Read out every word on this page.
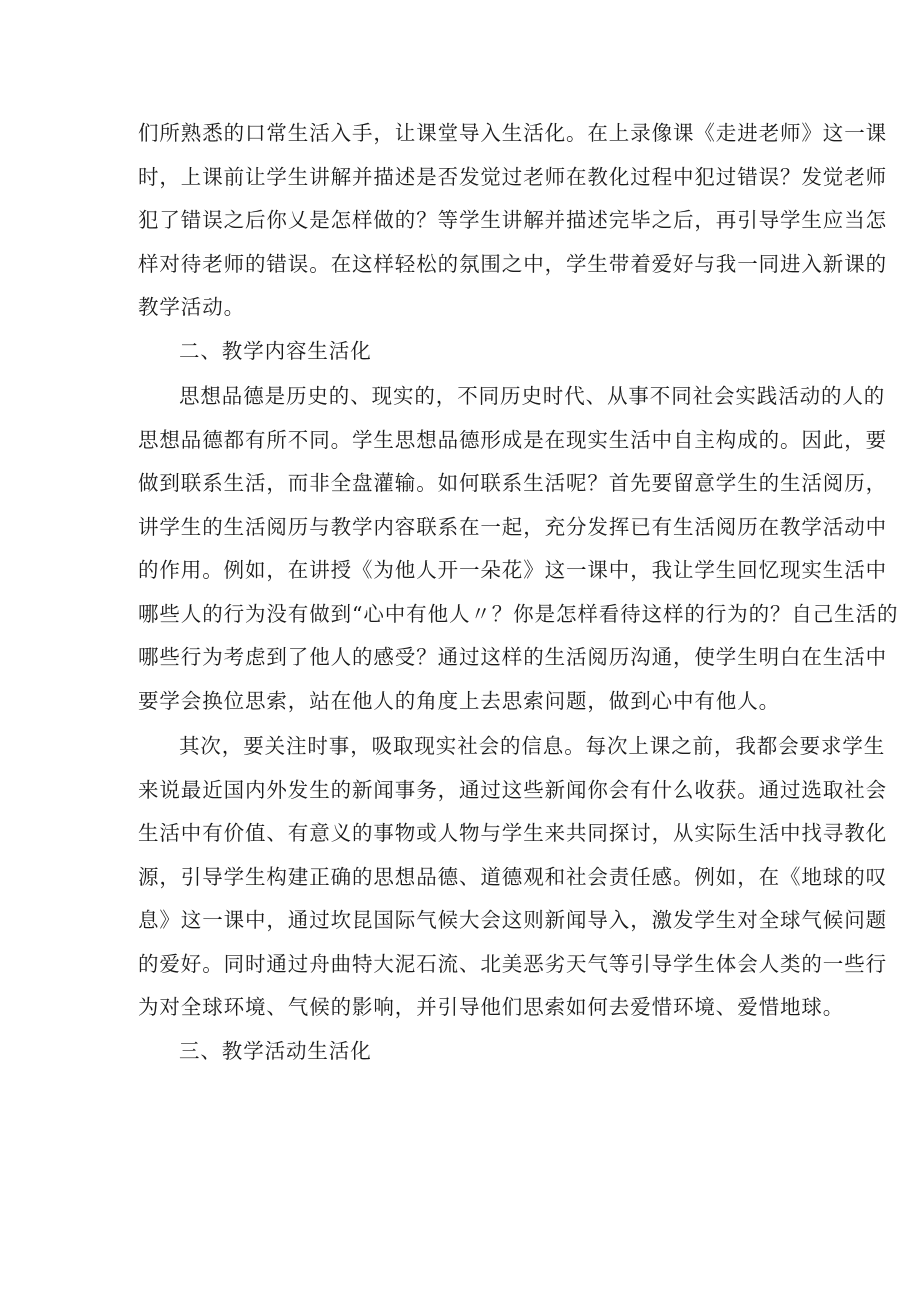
们所熟悉的口常生活入手，让课堂导入生活化。在上录像课《走进老师》这一课
时，上课前让学生讲解并描述是否发觉过老师在教化过程中犯过错误？发觉老师
犯了错误之后你乂是怎样做的？等学生讲解并描述完毕之后，再引导学生应当怎
样对待老师的错误。在这样轻松的氛围之中，学生带着爱好与我一同进入新课的
教学活动。

二、教学内容生活化

思想品德是历史的、现实的，不同历史时代、从事不同社会实践活动的人的
思想品德都有所不同。学生思想品德形成是在现实生活中自主构成的。因此，要
做到联系生活，而非全盘灌输。如何联系生活呢？首先要留意学生的生活阅历，
讲学生的生活阅历与教学内容联系在一起，充分发挥已有生活阅历在教学活动中
的作用。例如，在讲授《为他人开一朵花》这一课中，我让学生回忆现实生活中
哪些人的行为没有做到“心中有他人〃？你是怎样看待这样的行为的？自己生活的
哪些行为考虑到了他人的感受？通过这样的生活阅历沟通，使学生明白在生活中
要学会换位思索，站在他人的角度上去思索问题，做到心中有他人。

其次，要关注时事，吸取现实社会的信息。每次上课之前，我都会要求学生
来说最近国内外发生的新闻事务，通过这些新闻你会有什么收获。通过选取社会
生活中有价值、有意义的事物或人物与学生来共同探讨，从实际生活中找寻教化
源，引导学生构建正确的思想品德、道德观和社会责任感。例如，在《地球的叹
息》这一课中，通过坎昆国际气候大会这则新闻导入，激发学生对全球气候问题
的爱好。同时通过舟曲特大泥石流、北美恶劣天气等引导学生体会人类的一些行
为对全球环境、气候的影响，并引导他们思索如何去爱惜环境、爱惜地球。

三、教学活动生活化
